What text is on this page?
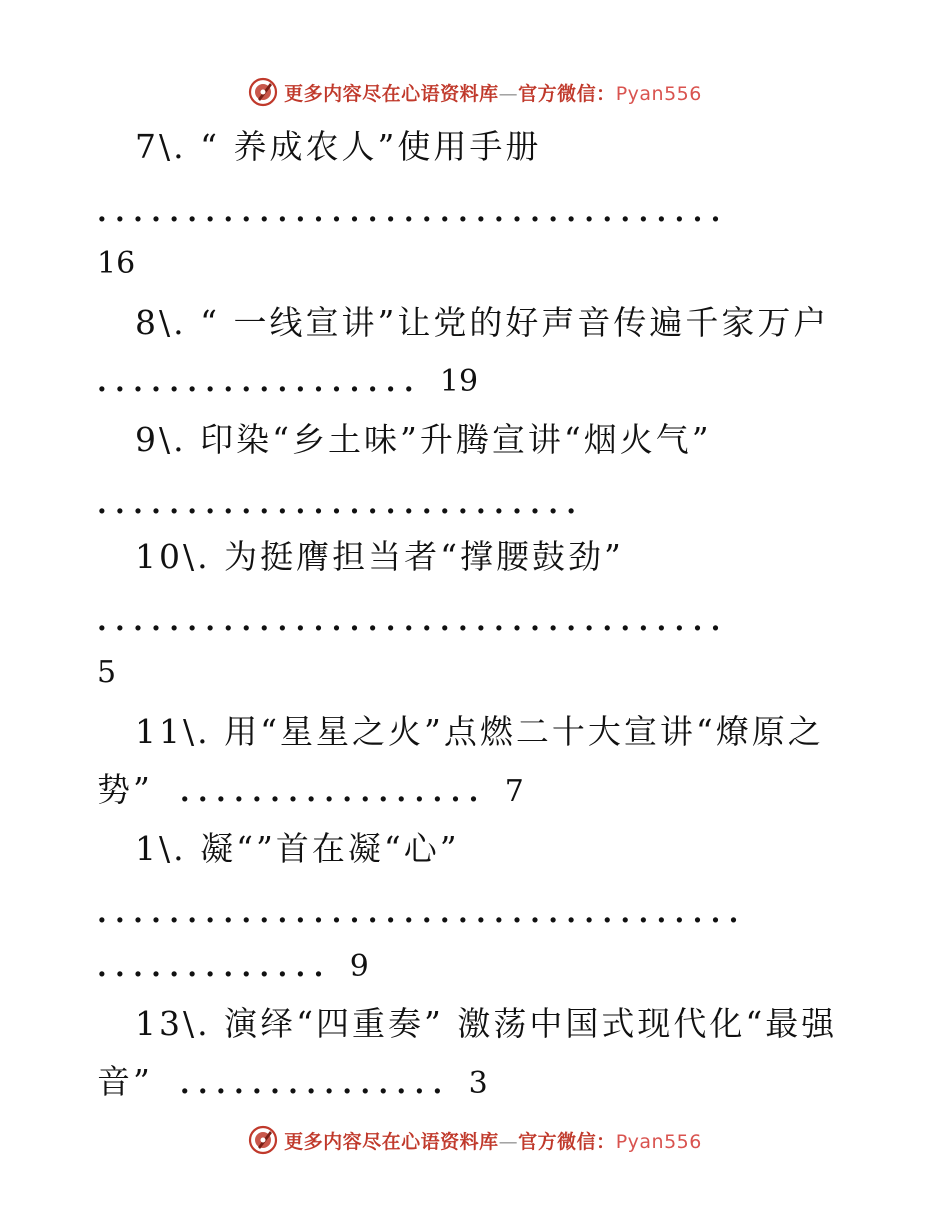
更多内容尽在心语资料库—官方微信：Pyan556
7\. “ 养成农人”使用手册
...................................
16
8\. “ 一线宣讲”让党的好声音传遍千家万户
.................. 19
9\. 印染“乡土味”升腾宣讲“烟火气”
...........................
10\. 为挺膺担当者“撑腰鼓劲”
...................................
5
11\. 用“星星之火”点燃二十大宣讲“燎原之
势” ................. 7
1\. 凝“”首在凝“心”
....................................
............. 9
13\. 演绎“四重奏” 激荡中国式现代化“最强
音” ............... 3
更多内容尽在心语资料库—官方微信：Pyan556
